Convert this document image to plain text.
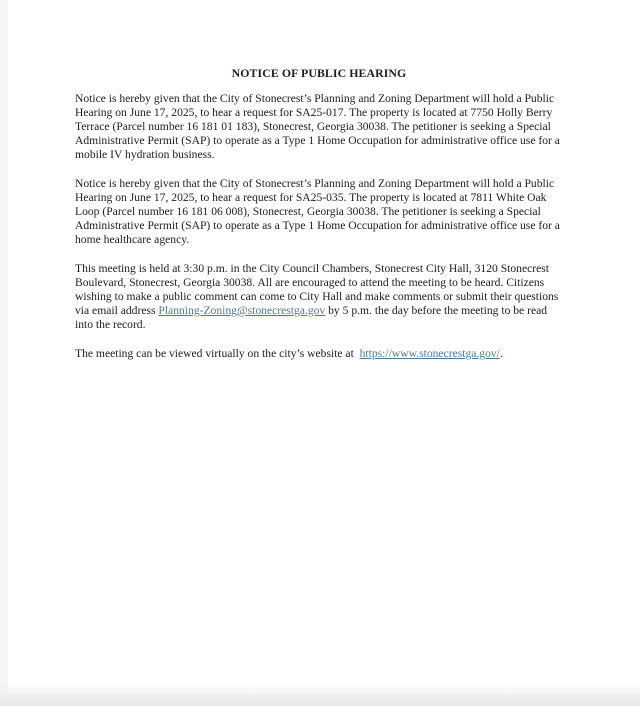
NOTICE OF PUBLIC HEARING

Notice is hereby given that the City of Stonecrest’s Planning and Zoning Department will hold a Public Hearing on June 17, 2025, to hear a request for SA25-017. The property is located at 7750 Holly Berry Terrace (Parcel number 16 181 01 183), Stonecrest, Georgia 30038. The petitioner is seeking a Special Administrative Permit (SAP) to operate as a Type 1 Home Occupation for administrative office use for a mobile IV hydration business.

Notice is hereby given that the City of Stonecrest’s Planning and Zoning Department will hold a Public Hearing on June 17, 2025, to hear a request for SA25-035. The property is located at 7811 White Oak Loop (Parcel number 16 181 06 008), Stonecrest, Georgia 30038. The petitioner is seeking a Special Administrative Permit (SAP) to operate as a Type 1 Home Occupation for administrative office use for a home healthcare agency.

This meeting is held at 3:30 p.m. in the City Council Chambers, Stonecrest City Hall, 3120 Stonecrest Boulevard, Stonecrest, Georgia 30038. All are encouraged to attend the meeting to be heard. Citizens wishing to make a public comment can come to City Hall and make comments or submit their questions via email address Planning-Zoning@stonecrestga.gov by 5 p.m. the day before the meeting to be read into the record.

The meeting can be viewed virtually on the city’s website at  https://www.stonecrestga.gov/.
